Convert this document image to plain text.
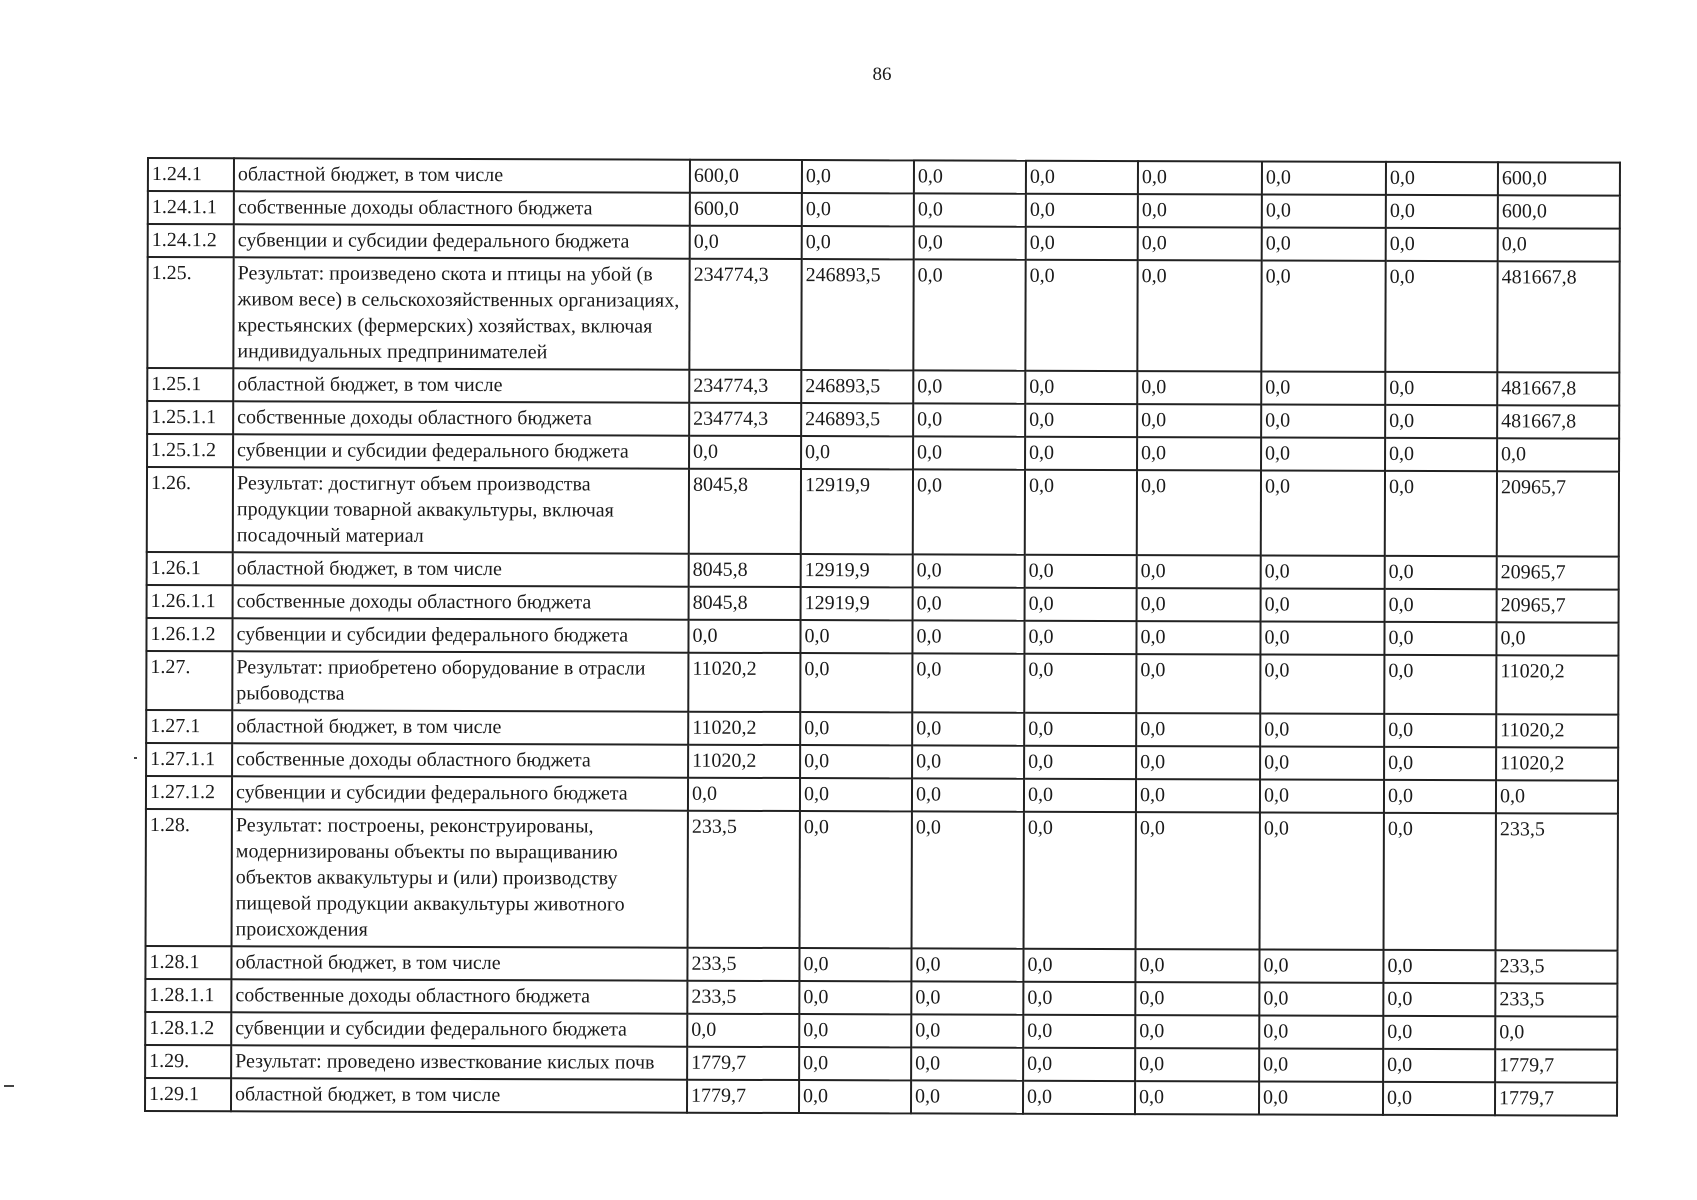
86
1.24.1	областной бюджет, в том числе	600,0	0,0	0,0	0,0	0,0	0,0	0,0	600,0
1.24.1.1	собственные доходы областного бюджета	600,0	0,0	0,0	0,0	0,0	0,0	0,0	600,0
1.24.1.2	субвенции и субсидии федерального бюджета	0,0	0,0	0,0	0,0	0,0	0,0	0,0	0,0
1.25.	Результат: произведено скота и птицы на убой (в живом весе) в сельскохозяйственных организациях, крестьянских (фермерских) хозяйствах, включая индивидуальных предпринимателей	234774,3	246893,5	0,0	0,0	0,0	0,0	0,0	481667,8
1.25.1	областной бюджет, в том числе	234774,3	246893,5	0,0	0,0	0,0	0,0	0,0	481667,8
1.25.1.1	собственные доходы областного бюджета	234774,3	246893,5	0,0	0,0	0,0	0,0	0,0	481667,8
1.25.1.2	субвенции и субсидии федерального бюджета	0,0	0,0	0,0	0,0	0,0	0,0	0,0	0,0
1.26.	Результат: достигнут объем производства продукции товарной аквакультуры, включая посадочный материал	8045,8	12919,9	0,0	0,0	0,0	0,0	0,0	20965,7
1.26.1	областной бюджет, в том числе	8045,8	12919,9	0,0	0,0	0,0	0,0	0,0	20965,7
1.26.1.1	собственные доходы областного бюджета	8045,8	12919,9	0,0	0,0	0,0	0,0	0,0	20965,7
1.26.1.2	субвенции и субсидии федерального бюджета	0,0	0,0	0,0	0,0	0,0	0,0	0,0	0,0
1.27.	Результат: приобретено оборудование в отрасли рыбоводства	11020,2	0,0	0,0	0,0	0,0	0,0	0,0	11020,2
1.27.1	областной бюджет, в том числе	11020,2	0,0	0,0	0,0	0,0	0,0	0,0	11020,2
1.27.1.1	собственные доходы областного бюджета	11020,2	0,0	0,0	0,0	0,0	0,0	0,0	11020,2
1.27.1.2	субвенции и субсидии федерального бюджета	0,0	0,0	0,0	0,0	0,0	0,0	0,0	0,0
1.28.	Результат: построены, реконструированы, модернизированы объекты по выращиванию объектов аквакультуры и (или) производству пищевой продукции аквакультуры животного происхождения	233,5	0,0	0,0	0,0	0,0	0,0	0,0	233,5
1.28.1	областной бюджет, в том числе	233,5	0,0	0,0	0,0	0,0	0,0	0,0	233,5
1.28.1.1	собственные доходы областного бюджета	233,5	0,0	0,0	0,0	0,0	0,0	0,0	233,5
1.28.1.2	субвенции и субсидии федерального бюджета	0,0	0,0	0,0	0,0	0,0	0,0	0,0	0,0
1.29.	Результат: проведено известкование кислых почв	1779,7	0,0	0,0	0,0	0,0	0,0	0,0	1779,7
1.29.1	областной бюджет, в том числе	1779,7	0,0	0,0	0,0	0,0	0,0	0,0	1779,7
